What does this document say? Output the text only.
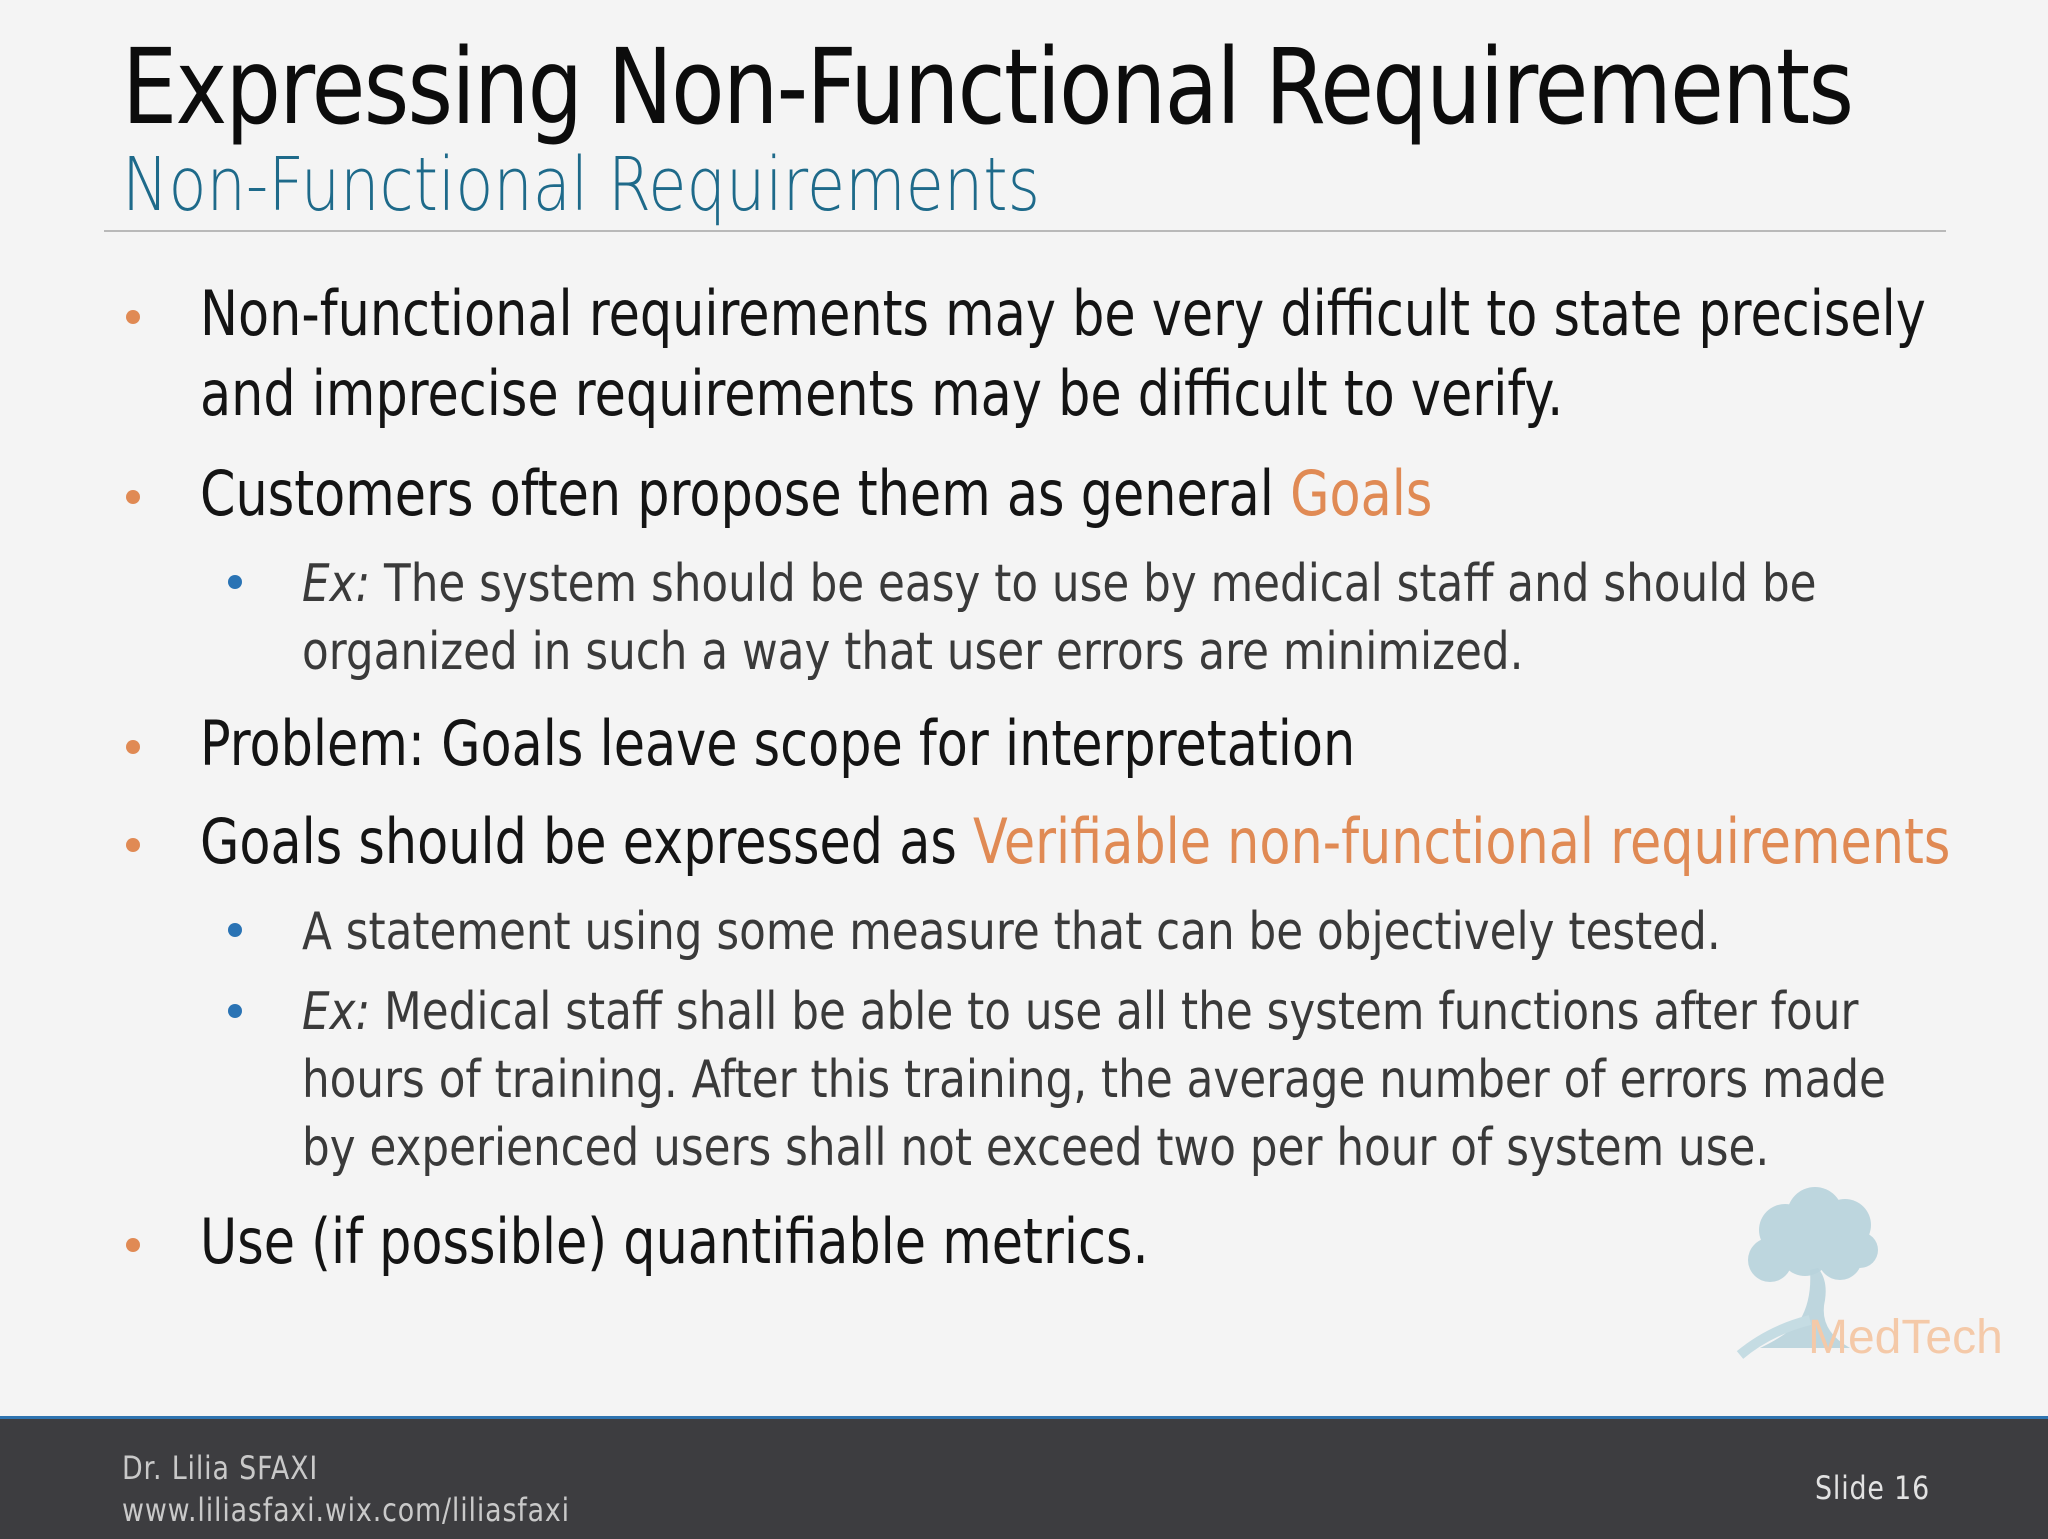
Expressing Non-Functional Requirements
Non-Functional Requirements
Non-functional requirements may be very difficult to state precisely
and imprecise requirements may be difficult to verify.
Customers often propose them as general Goals
Ex: The system should be easy to use by medical staff and should be
organized in such a way that user errors are minimized.
Problem: Goals leave scope for interpretation
Goals should be expressed as Verifiable non-functional requirements
A statement using some measure that can be objectively tested.
Ex: Medical staff shall be able to use all the system functions after four
hours of training. After this training, the average number of errors made
by experienced users shall not exceed two per hour of system use.
Use (if possible) quantifiable metrics.
MedTech
Dr. Lilia SFAXI
www.liliasfaxi.wix.com/liliasfaxi
Slide 16
